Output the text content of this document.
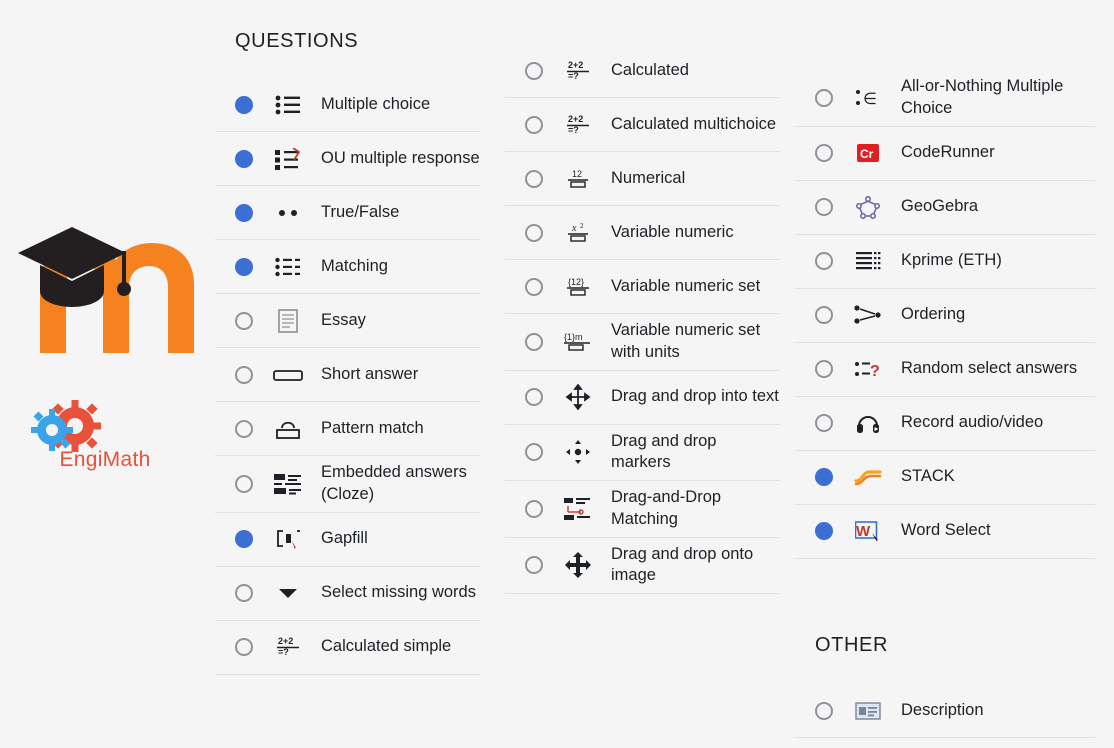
EngiMath
QUESTIONS
Multiple choice
OU multiple response
True/False
Matching
Essay
Short answer
Pattern match
Embedded answers (Cloze)
Gapfill
Select missing words
2+2
=? Calculated simple
2+2
=? Calculated
2+2
=? Calculated multichoice
12 Numerical
x 2 Variable numeric
{12} Variable numeric set
{1}m Variable numeric set with units
Drag and drop into text
Drag and drop markers
Drag-and-Drop Matching
Drag and drop onto image
∈
All-or-Nothing Multiple Choice
Cr CodeRunner
GeoGebra
Kprime (ETH)
Ordering
? Random select answers
Record audio/video
STACK
W Word Select
OTHER
Description
